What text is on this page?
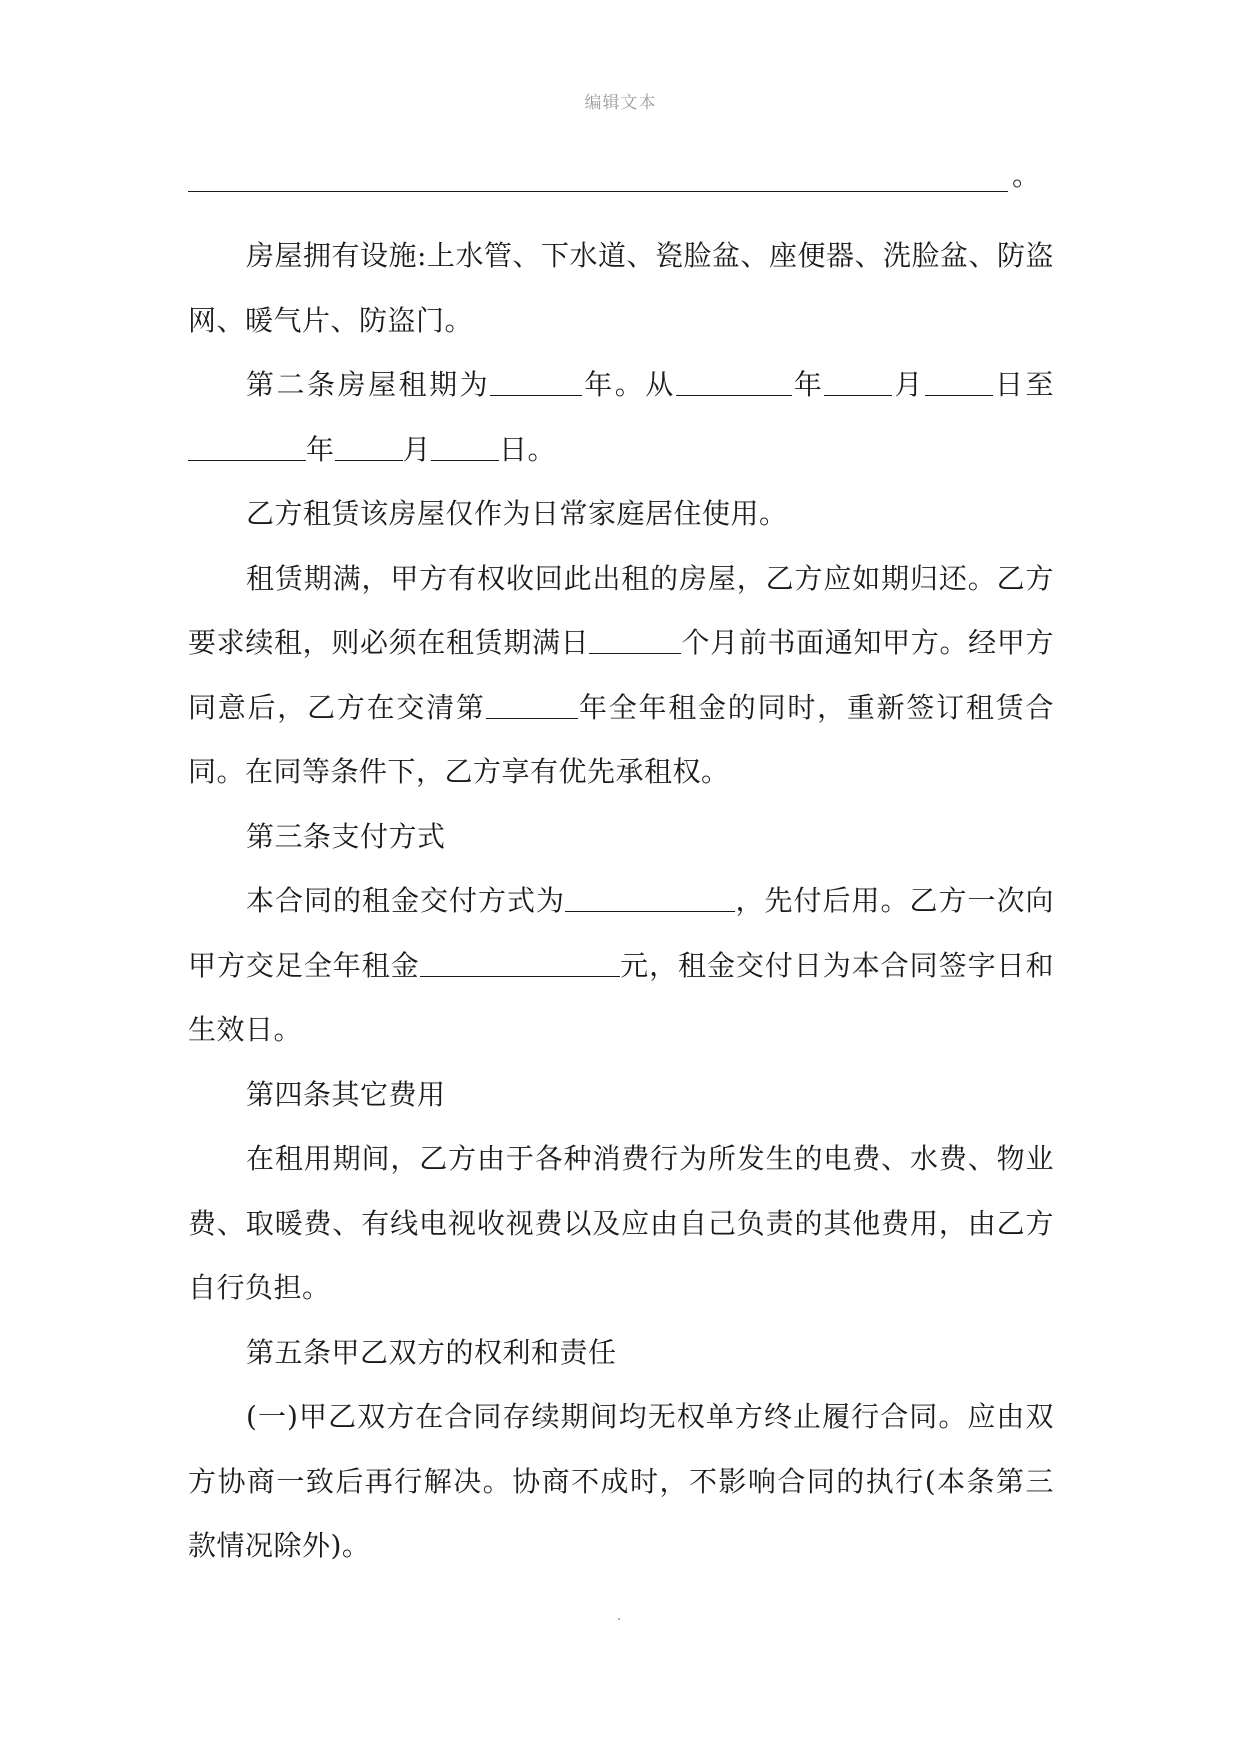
编辑文本
。

房屋拥有设施:上水管、下水道、瓷脸盆、座便器、洗脸盆、防盗网、暖气片、防盗门。

第二条房屋租期为	年。从	年 月 日至年 月 日。

乙方租赁该房屋仅作为日常家庭居住使用。

租赁期满，甲方有权收回此出租的房屋，乙方应如期归还。乙方要求续租，则必须在租赁期满日	个月前书面通知甲方。经甲方同意后，乙方在交清第	年全年租金的同时，重新签订租赁合同。在同等条件下，乙方享有优先承租权。

第三条支付方式

本合同的租金交付方式为	，先付后用。乙方一次向甲方交足全年租金	元，租金交付日为本合同签字日和生效日。

第四条其它费用

在租用期间，乙方由于各种消费行为所发生的电费、水费、物业费、取暖费、有线电视收视费以及应由自己负责的其他费用，由乙方自行负担。

第五条甲乙双方的权利和责任

(一)甲乙双方在合同存续期间均无权单方终止履行合同。应由双方协商一致后再行解决。协商不成时，不影响合同的执行(本条第三款情况除外)。
